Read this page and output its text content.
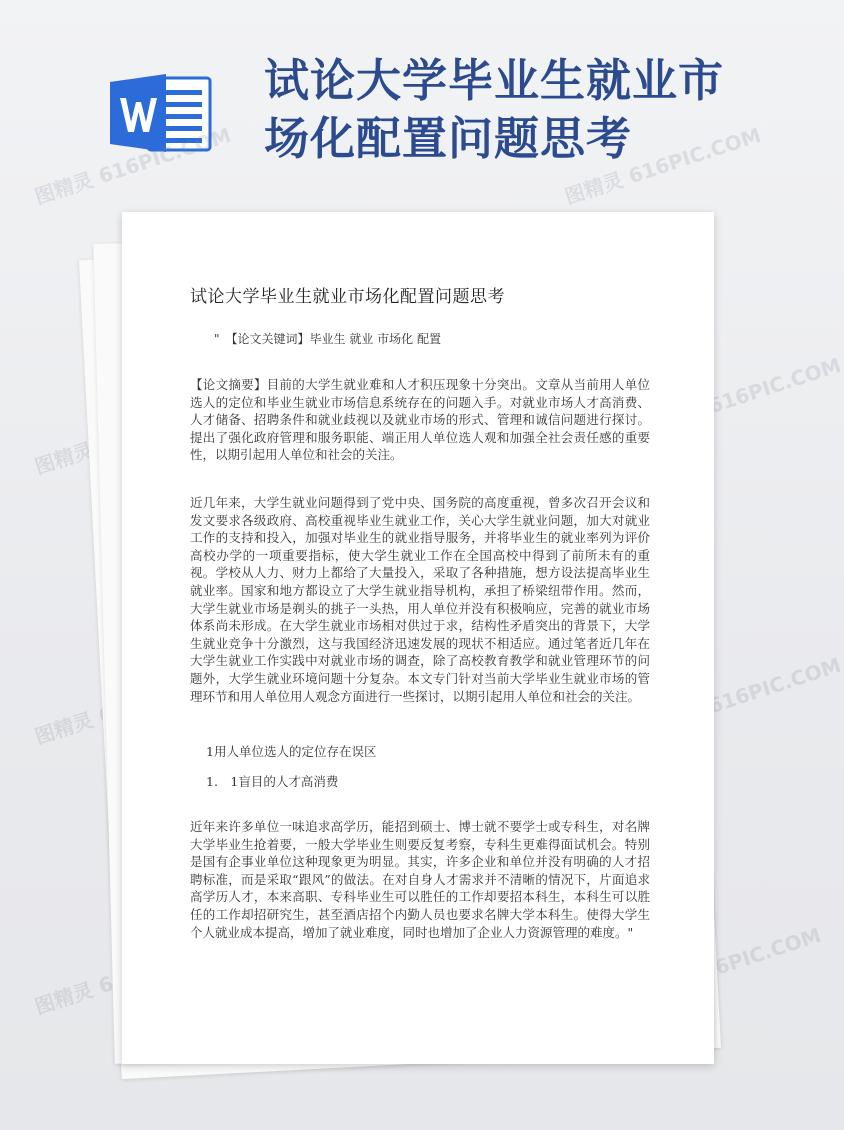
试论大学毕业生就业市场化配置问题思考
图精灵 616PIC.COM	图精灵 616PIC.COM
图精灵
图精灵 616PIC.COM
图精灵	图精灵 616PIC.COM
图精灵	图精灵 616PIC.COM
试论大学毕业生就业市场化配置问题思考

"　【论文关键词】毕业生 就业 市场化 配置

【论文摘要】目前的大学生就业难和人才积压现象十分突出。文章从当前用人单位选人的定位和毕业生就业市场信息系统存在的问题入手。对就业市场人才高消费、人才储备、招聘条件和就业歧视以及就业市场的形式、管理和诚信问题进行探讨。提出了强化政府管理和服务职能、端正用人单位选人观和加强全社会责任感的重要性，以期引起用人单位和社会的关注。

近几年来，大学生就业问题得到了党中央、国务院的高度重视，曾多次召开会议和发文要求各级政府、高校重视毕业生就业工作，关心大学生就业问题，加大对就业工作的支持和投入，加强对毕业生的就业指导服务，并将毕业生的就业率列为评价高校办学的一项重要指标，使大学生就业工作在全国高校中得到了前所未有的重视。学校从人力、财力上都给了大量投入，采取了各种措施，想方设法提高毕业生就业率。国家和地方都设立了大学生就业指导机构，承担了桥梁纽带作用。然而，大学生就业市场是剃头的挑子一头热，用人单位并没有积极响应，完善的就业市场体系尚未形成。在大学生就业市场相对供过于求，结构性矛盾突出的背景下，大学生就业竞争十分激烈，这与我国经济迅速发展的现状不相适应。通过笔者近几年在大学生就业工作实践中对就业市场的调查，除了高校教育教学和就业管理环节的问题外，大学生就业环境问题十分复杂。本文专门针对当前大学毕业生就业市场的管理环节和用人单位用人观念方面进行一些探讨，以期引起用人单位和社会的关注。

1用人单位选人的定位存在误区

1.　1盲目的人才高消费

近年来许多单位一味追求高学历，能招到硕士、博士就不要学士或专科生，对名牌大学毕业生抢着要，一般大学毕业生则要反复考察，专科生更难得面试机会。特别是国有企事业单位这种现象更为明显。其实，许多企业和单位并没有明确的人才招聘标准，而是采取“跟风”的做法。在对自身人才需求并不清晰的情况下，片面追求高学历人才，本来高职、专科毕业生可以胜任的工作却要招本科生，本科生可以胜任的工作却招研究生，甚至酒店招个内勤人员也要求名牌大学本科生。使得大学生个人就业成本提高，增加了就业难度，同时也增加了企业人力资源管理的难度。"
